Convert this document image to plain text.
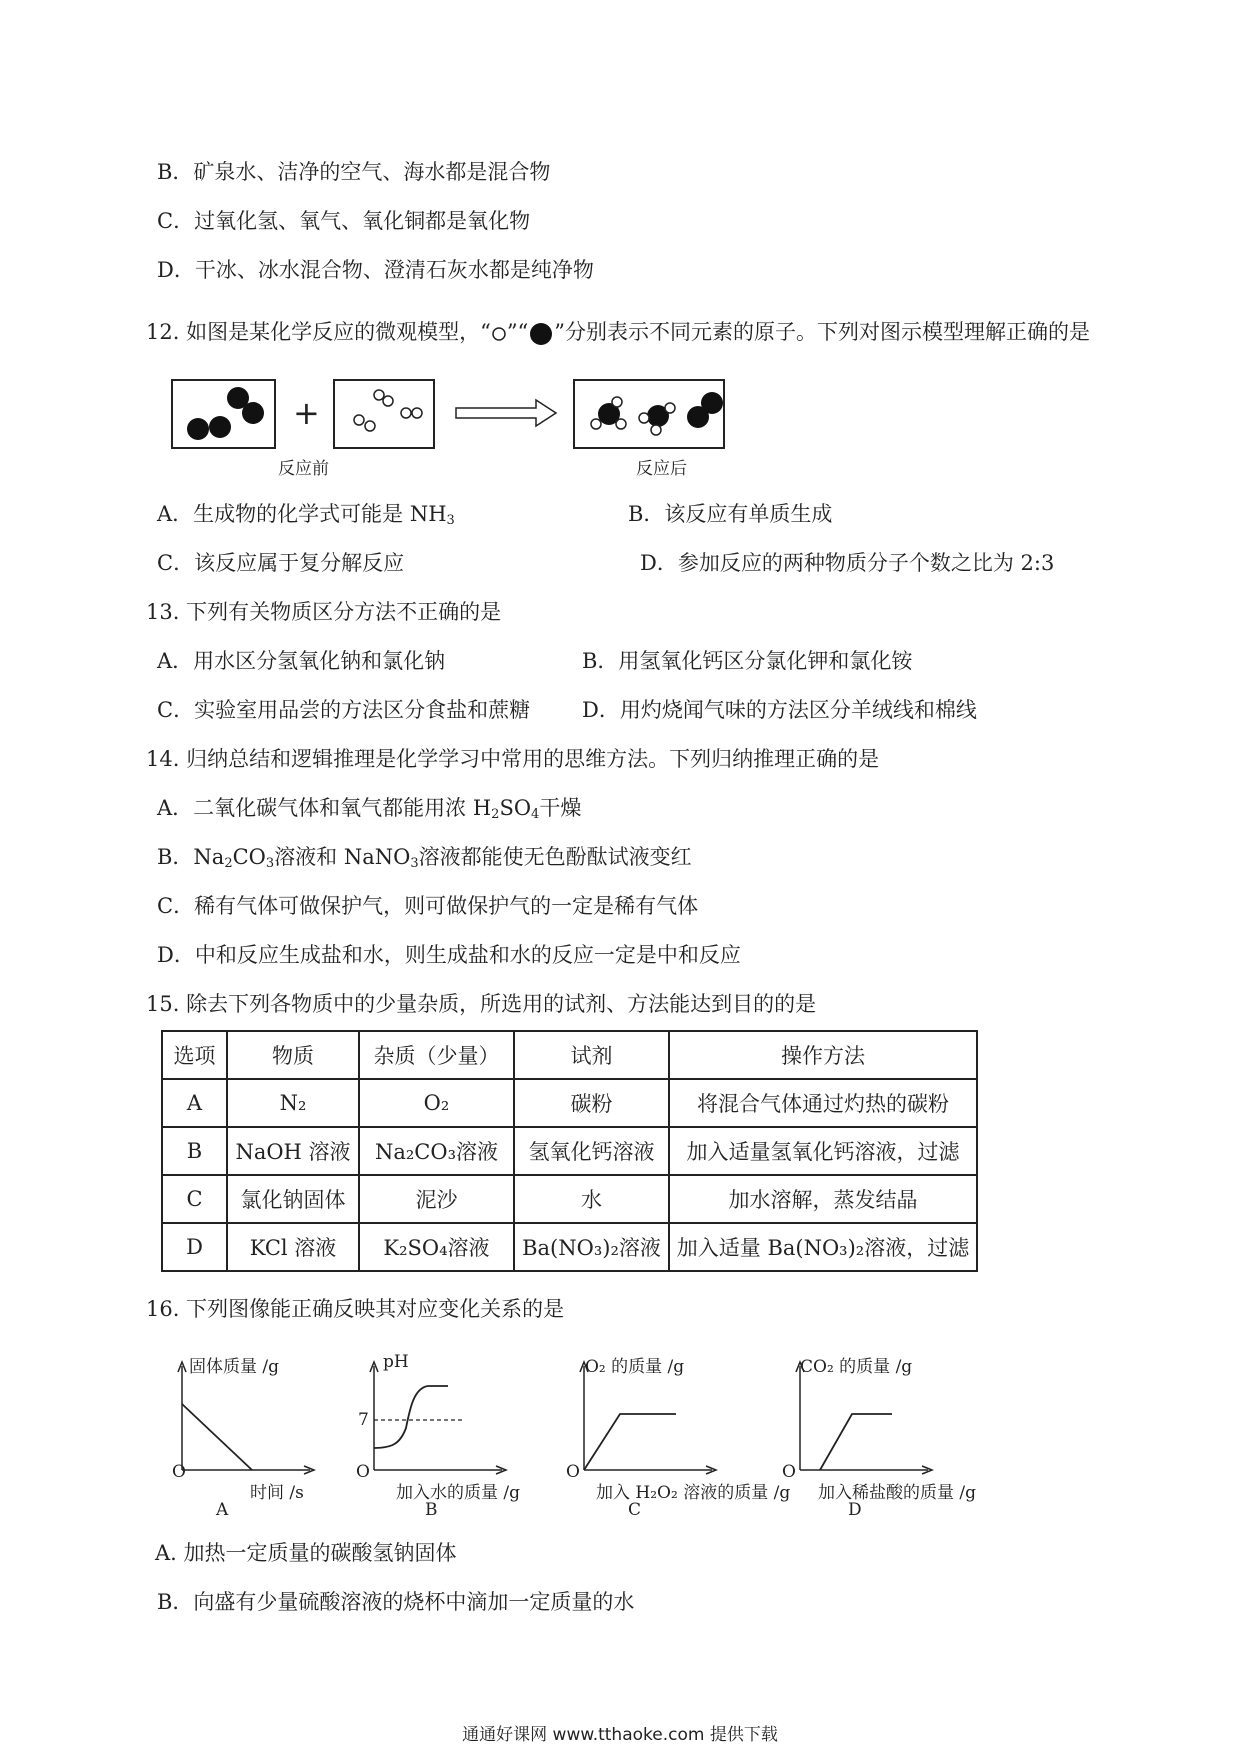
B．矿泉水、洁净的空气、海水都是混合物
C．过氧化氢、氧气、氧化铜都是氧化物
D．干冰、冰水混合物、澄清石灰水都是纯净物
12. 如图是某化学反应的微观模型，“ ”“ ”分别表示不同元素的原子。下列对图示模型理解正确的是
+
反应前	反应后
A．生成物的化学式可能是 $NH_3$	B．该反应有单质生成
C．该反应属于复分解反应	D．参加反应的两种物质分子个数之比为 2:3
13. 下列有关物质区分方法不正确的是
A．用水区分氢氧化钠和氯化钠	B．用氢氧化钙区分氯化钾和氯化铵
C．实验室用品尝的方法区分食盐和蔗糖 D．用灼烧闻气味的方法区分羊绒线和棉线
14. 归纳总结和逻辑推理是化学学习中常用的思维方法。下列归纳推理正确的是
A．二氧化碳气体和氧气都能用浓 $H_2SO_4$干燥
B．$Na_2CO_3$溶液和 NaNO$_3$溶液都能使无色酚酞试液变红
C．稀有气体可做保护气，则可做保护气的一定是稀有气体
D．中和反应生成盐和水，则生成盐和水的反应一定是中和反应
15. 除去下列各物质中的少量杂质，所选用的试剂、方法能达到目的的是
选项	物质	杂质（少量）	试剂	操作方法
A	N₂	O₂	碳粉	将混合气体通过灼热的碳粉
B	NaOH 溶液	Na₂CO₃溶液	氢氧化钙溶液	加入适量氢氧化钙溶液，过滤
C	氯化钠固体	泥沙	水	加水溶解，蒸发结晶
D	KCl 溶液	K₂SO₄溶液	Ba(NO₃)₂溶液	加入适量 Ba(NO₃)₂溶液，过滤
16. 下列图像能正确反映其对应变化关系的是
固体质量 /g
O
时间 /s
A
pH
7
O
加入水的质量 /g
B
O₂ 的质量 /g
O
加入 H₂O₂ 溶液的质量 /g
C
CO₂ 的质量 /g
O
加入稀盐酸的质量 /g
D
A. 加热一定质量的碳酸氢钠固体
B．向盛有少量硫酸溶液的烧杯中滴加一定质量的水
通通好课网 www.tthaoke.com 提供下载
